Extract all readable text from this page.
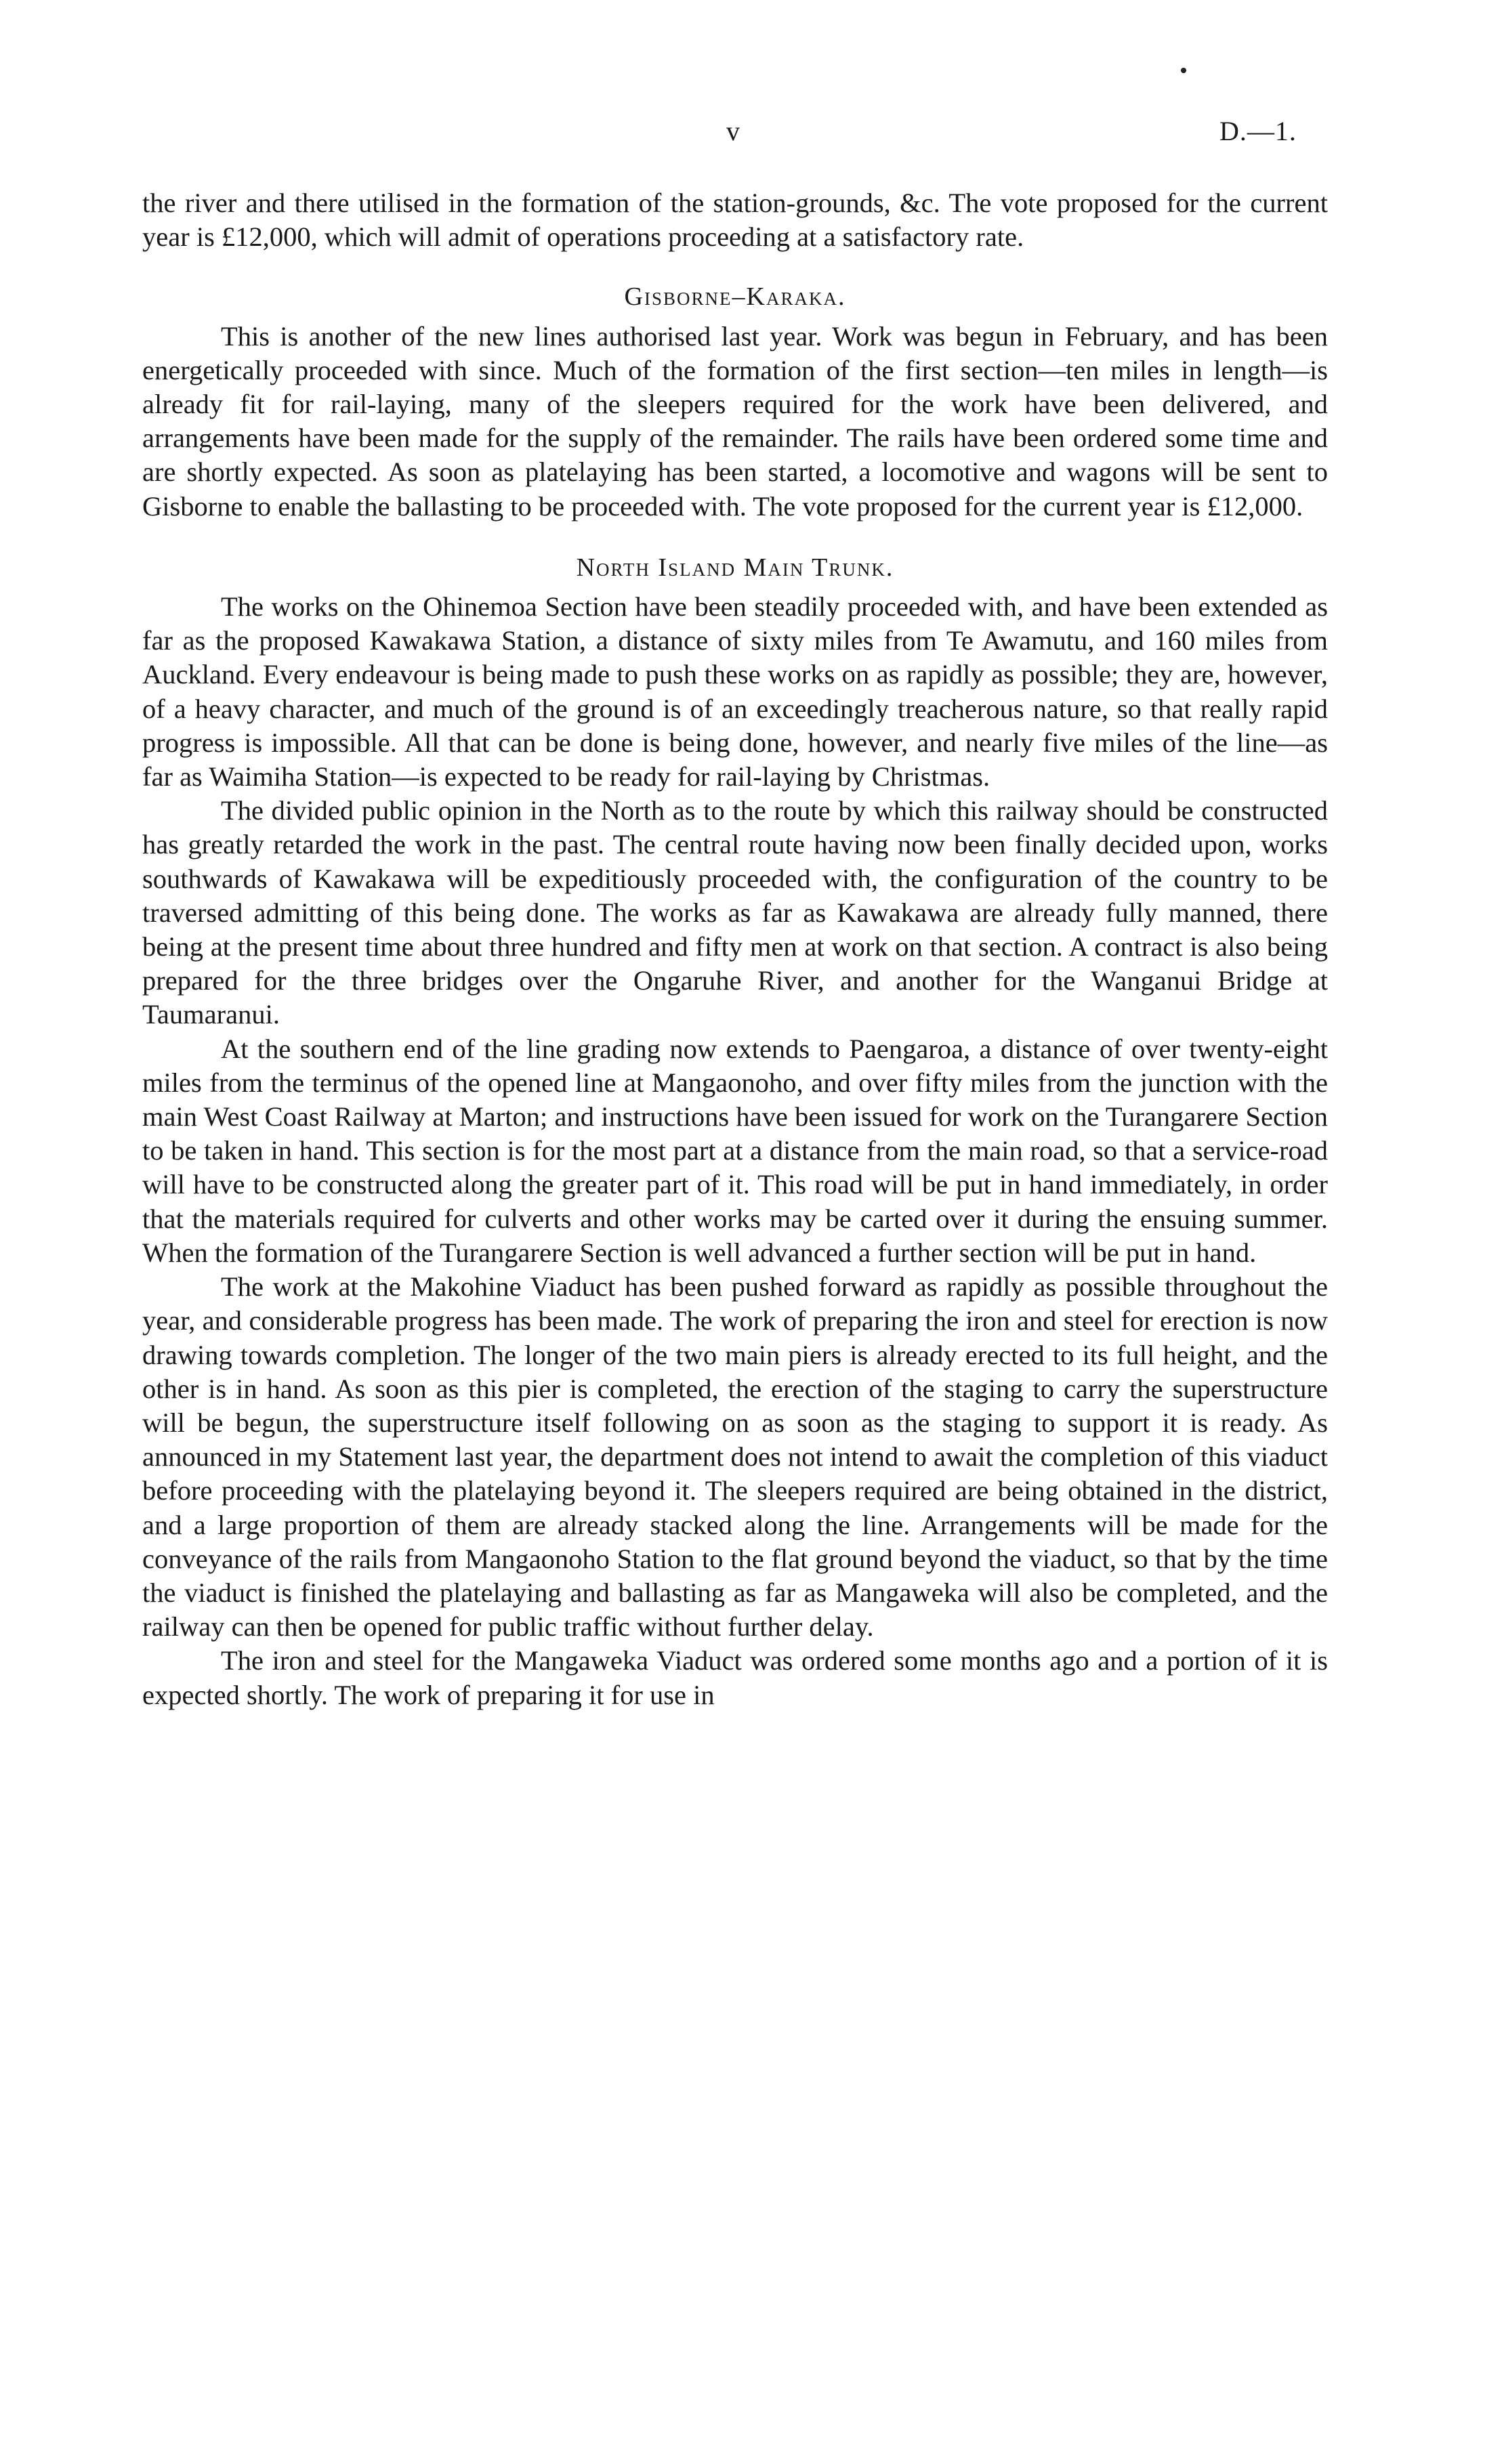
v	D.—1.

the river and there utilised in the formation of the station-grounds, &c. The vote proposed for the current year is £12,000, which will admit of operations proceeding at a satisfactory rate.

Gisborne–Karaka.

This is another of the new lines authorised last year. Work was begun in February, and has been energetically proceeded with since. Much of the formation of the first section—ten miles in length—is already fit for rail-laying, many of the sleepers required for the work have been delivered, and arrangements have been made for the supply of the remainder. The rails have been ordered some time and are shortly expected. As soon as platelaying has been started, a locomotive and wagons will be sent to Gisborne to enable the ballasting to be proceeded with. The vote proposed for the current year is £12,000.

North Island Main Trunk.

The works on the Ohinemoa Section have been steadily proceeded with, and have been extended as far as the proposed Kawakawa Station, a distance of sixty miles from Te Awamutu, and 160 miles from Auckland. Every endeavour is being made to push these works on as rapidly as possible; they are, however, of a heavy character, and much of the ground is of an exceedingly treacherous nature, so that really rapid progress is impossible. All that can be done is being done, however, and nearly five miles of the line—as far as Waimiha Station—is expected to be ready for rail-laying by Christmas.

The divided public opinion in the North as to the route by which this railway should be constructed has greatly retarded the work in the past. The central route having now been finally decided upon, works southwards of Kawakawa will be expeditiously proceeded with, the configuration of the country to be traversed admitting of this being done. The works as far as Kawakawa are already fully manned, there being at the present time about three hundred and fifty men at work on that section. A contract is also being prepared for the three bridges over the Ongaruhe River, and another for the Wanganui Bridge at Taumaranui.

At the southern end of the line grading now extends to Paengaroa, a distance of over twenty-eight miles from the terminus of the opened line at Mangaonoho, and over fifty miles from the junction with the main West Coast Railway at Marton; and instructions have been issued for work on the Turangarere Section to be taken in hand. This section is for the most part at a distance from the main road, so that a service-road will have to be constructed along the greater part of it. This road will be put in hand immediately, in order that the materials required for culverts and other works may be carted over it during the ensuing summer. When the formation of the Turangarere Section is well advanced a further section will be put in hand.

The work at the Makohine Viaduct has been pushed forward as rapidly as possible throughout the year, and considerable progress has been made. The work of preparing the iron and steel for erection is now drawing towards completion. The longer of the two main piers is already erected to its full height, and the other is in hand. As soon as this pier is completed, the erection of the staging to carry the superstructure will be begun, the superstructure itself following on as soon as the staging to support it is ready. As announced in my Statement last year, the department does not intend to await the completion of this viaduct before proceeding with the platelaying beyond it. The sleepers required are being obtained in the district, and a large proportion of them are already stacked along the line. Arrangements will be made for the conveyance of the rails from Mangaonoho Station to the flat ground beyond the viaduct, so that by the time the viaduct is finished the platelaying and ballasting as far as Mangaweka will also be completed, and the railway can then be opened for public traffic without further delay.

The iron and steel for the Mangaweka Viaduct was ordered some months ago and a portion of it is expected shortly. The work of preparing it for use in
